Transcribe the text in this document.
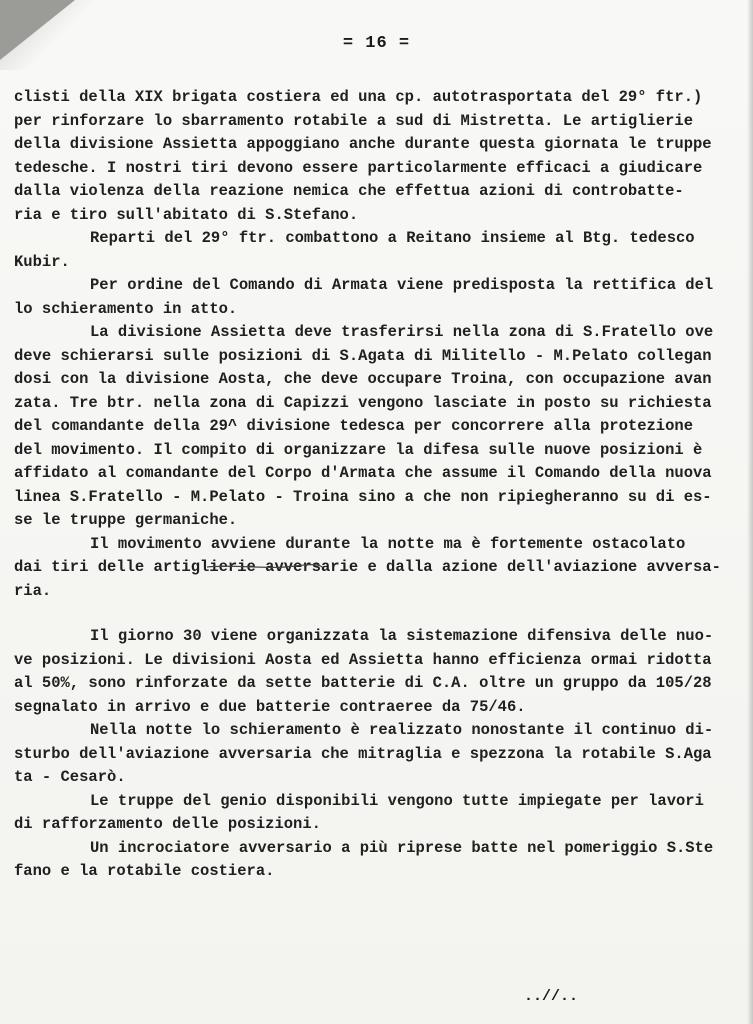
= 16 =
clisti della XIX brigata costiera ed una cp. autotrasportata del 29° ftr.)
per rinforzare lo sbarramento rotabile a sud di Mistretta. Le artiglierie
della divisione Assietta appoggiano anche durante questa giornata le truppe
tedesche. I nostri tiri devono essere particolarmente efficaci a giudicare
dalla violenza della reazione nemica che effettua azioni di controbatte-
ria e tiro sull'abitato di S.Stefano.
Reparti del 29° ftr. combattono a Reitano insieme al Btg. tedesco
Kubir.
Per ordine del Comando di Armata viene predisposta la rettifica del
lo schieramento in atto.
La divisione Assietta deve trasferirsi nella zona di S.Fratello ove
deve schierarsi sulle posizioni di S.Agata di Militello - M.Pelato collegan
dosi con la divisione Aosta, che deve occupare Troina, con occupazione avan
zata. Tre btr. nella zona di Capizzi vengono lasciate in posto su richiesta
del comandante della 29^ divisione tedesca per concorrere alla protezione
del movimento. Il compito di organizzare la difesa sulle nuove posizioni è
affidato al comandante del Corpo d'Armata che assume il Comando della nuova
linea S.Fratello - M.Pelato - Troina sino a che non ripiegheranno su di es-
se le truppe germaniche.
Il movimento avviene durante la notte ma è fortemente ostacolato
dai tiri delle artiglierie avversarie e dalla azione dell'aviazione avversa-
ria.
Il giorno 30 viene organizzata la sistemazione difensiva delle nuo-
ve posizioni. Le divisioni Aosta ed Assietta hanno efficienza ormai ridotta
al 50%, sono rinforzate da sette batterie di C.A. oltre un gruppo da 105/28
segnalato in arrivo e due batterie contraeree da 75/46.
Nella notte lo schieramento è realizzato nonostante il continuo di-
sturbo dell'aviazione avversaria che mitraglia e spezzona la rotabile S.Aga
ta - Cesarò.
Le truppe del genio disponibili vengono tutte impiegate per lavori
di rafforzamento delle posizioni.
Un incrociatore avversario a più riprese batte nel pomeriggio S.Ste
fano e la rotabile costiera.
..//..
